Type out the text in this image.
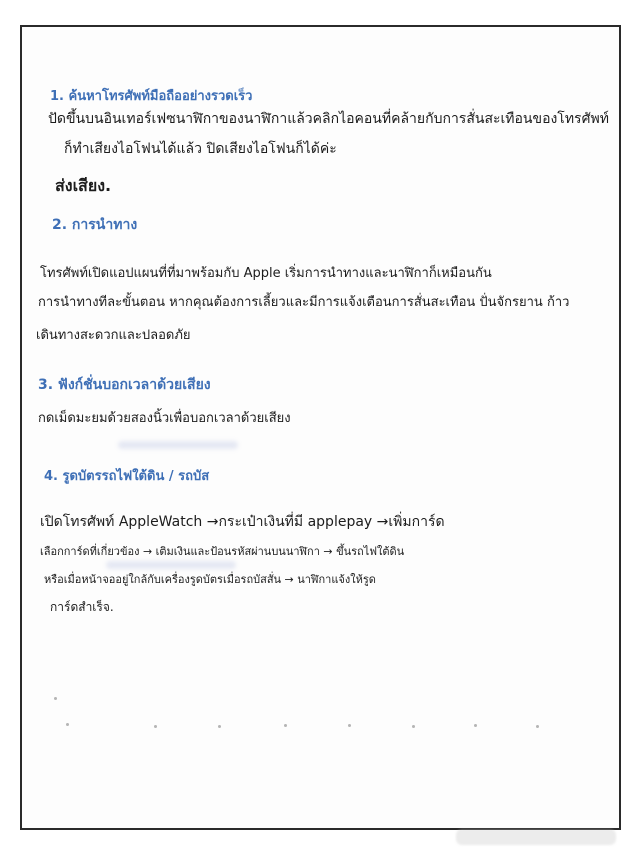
1. ค้นหาโทรศัพท์มือถืออย่างรวดเร็ว
ปัดขึ้นบนอินเทอร์เฟซนาฬิกาของนาฬิกาแล้วคลิกไอคอนที่คล้ายกับการสั่นสะเทือนของโทรศัพท์
ก็ทำเสียงไอโฟนได้แล้ว ปิดเสียงไอโฟนก็ได้ค่ะ
ส่งเสียง.
2. การนำทาง
โทรศัพท์เปิดแอปแผนที่ที่มาพร้อมกับ Apple เริ่มการนำทางและนาฬิกาก็เหมือนกัน
การนำทางทีละขั้นตอน หากคุณต้องการเลี้ยวและมีการแจ้งเตือนการสั่นสะเทือน ปั่นจักรยาน ก้าว
เดินทางสะดวกและปลอดภัย
3. ฟังก์ชั่นบอกเวลาด้วยเสียง
กดเม็ดมะยมด้วยสองนิ้วเพื่อบอกเวลาด้วยเสียง
4. รูดบัตรรถไฟใต้ดิน / รถบัส
เปิดโทรศัพท์ AppleWatch →กระเป๋าเงินที่มี applepay →เพิ่มการ์ด
เลือกการ์ดที่เกี่ยวข้อง → เติมเงินและป้อนรหัสผ่านบนนาฬิกา → ขึ้นรถไฟใต้ดิน
หรือเมื่อหน้าจออยู่ใกล้กับเครื่องรูดบัตรเมื่อรถบัสสั่น → นาฬิกาแจ้งให้รูด
การ์ดสำเร็จ.
